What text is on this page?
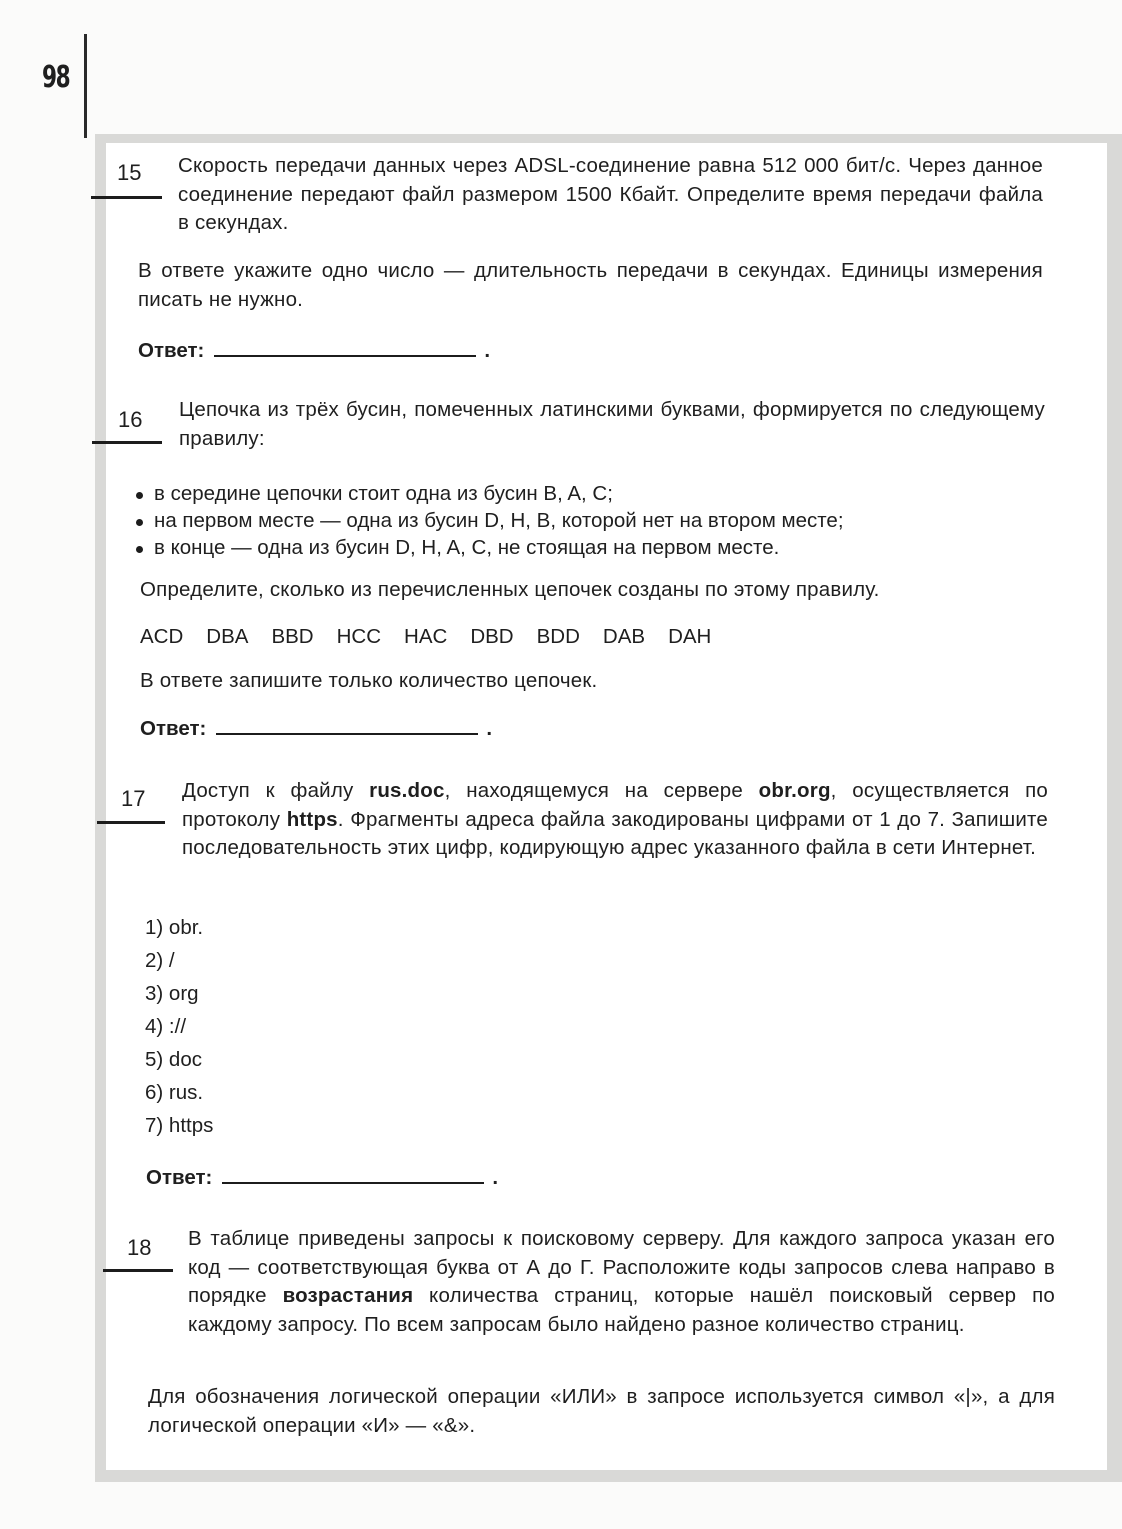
98
15 Скорость передачи данных через ADSL-соединение равна 512 000 бит/с. Через данное соединение передают файл размером 1500 Кбайт. Определите время передачи файла в секундах.
В ответе укажите одно число — длительность передачи в секундах. Единицы измерения писать не нужно.
Ответ:	.
16 Цепочка из трёх бусин, помеченных латинскими буквами, формируется по следующему правилу:
в середине цепочки стоит одна из бусин B, A, C;
на первом месте — одна из бусин D, H, B, которой нет на втором месте;
в конце — одна из бусин D, H, A, C, не стоящая на первом месте.
Определите, сколько из перечисленных цепочек созданы по этому правилу.
ACD DBA BBD HCC HAC DBD BDD DAB DAH
В ответе запишите только количество цепочек.
Ответ:	.
17 Доступ к файлу rus.doc, находящемуся на сервере obr.org, осуществляется по протоколу https. Фрагменты адреса файла закодированы цифрами от 1 до 7. Запишите последовательность этих цифр, кодирующую адрес указанного файла в сети Интернет.
1) obr.
2) /
3) org
4) ://
5) doc
6) rus.
7) https
Ответ:	.
18 В таблице приведены запросы к поисковому серверу. Для каждого запроса указан его код — соответствующая буква от А до Г. Расположите коды запросов слева направо в порядке возрастания количества страниц, которые нашёл поисковый сервер по каждому запросу. По всем запросам было найдено разное количество страниц.
Для обозначения логической операции «ИЛИ» в запросе используется символ «|», а для логической операции «И» — «&».
